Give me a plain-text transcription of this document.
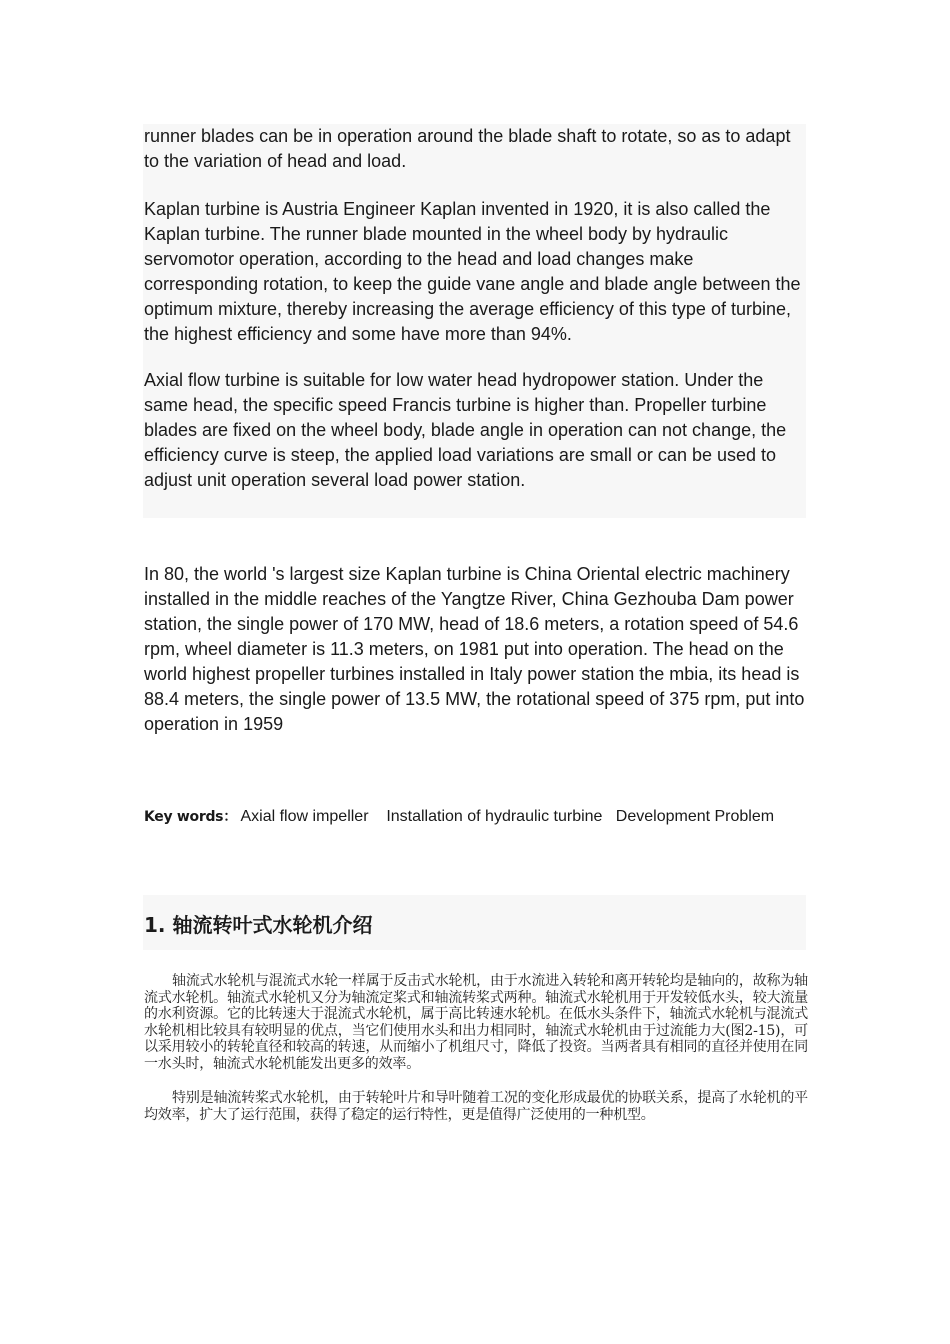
runner blades can be in operation around the blade shaft to rotate, so as to adapt to the variation of head and load.

Kaplan turbine is Austria Engineer Kaplan invented in 1920, it is also called the Kaplan turbine. The runner blade mounted in the wheel body by hydraulic servomotor operation, according to the head and load changes make corresponding rotation, to keep the guide vane angle and blade angle between the optimum mixture, thereby increasing the average efficiency of this type of turbine, the highest efficiency and some have more than 94%.

Axial flow turbine is suitable for low water head hydropower station. Under the same head, the specific speed Francis turbine is higher than. Propeller turbine blades are fixed on the wheel body, blade angle in operation can not change, the efficiency curve is steep, the applied load variations are small or can be used to adjust unit operation several load power station.

In 80, the world 's largest size Kaplan turbine is China Oriental electric machinery installed in the middle reaches of the Yangtze River, China Gezhouba Dam power station, the single power of 170 MW, head of 18.6 meters, a rotation speed of 54.6 rpm, wheel diameter is 11.3 meters, on 1981 put into operation. The head on the world highest propeller turbines installed in Italy power station the mbia, its head is 88.4 meters, the single power of 13.5 MW, the rotational speed of 375 rpm, put into operation in 1959

Key words： Axial flow impeller Installation of hydraulic turbine Development Problem
1. 轴流转叶式水轮机介绍

轴流式水轮机与混流式水轮一样属于反击式水轮机，由于水流进入转轮和离开转轮均是轴向的，故称为轴流式水轮机。轴流式水轮机又分为轴流定桨式和轴流转桨式两种。轴流式水轮机用于开发较低水头，较大流量的水利资源。它的比转速大于混流式水轮机，属于高比转速水轮机。在低水头条件下，轴流式水轮机与混流式水轮机相比较具有较明显的优点，当它们使用水头和出力相同时，轴流式水轮机由于过流能力大(图2-15)，可以采用较小的转轮直径和较高的转速，从而缩小了机组尺寸，降低了投资。当两者具有相同的直径并使用在同一水头时，轴流式水轮机能发出更多的效率。

特别是轴流转桨式水轮机，由于转轮叶片和导叶随着工况的变化形成最优的协联关系，提高了水轮机的平均效率，扩大了运行范围，获得了稳定的运行特性，更是值得广泛使用的一种机型。
